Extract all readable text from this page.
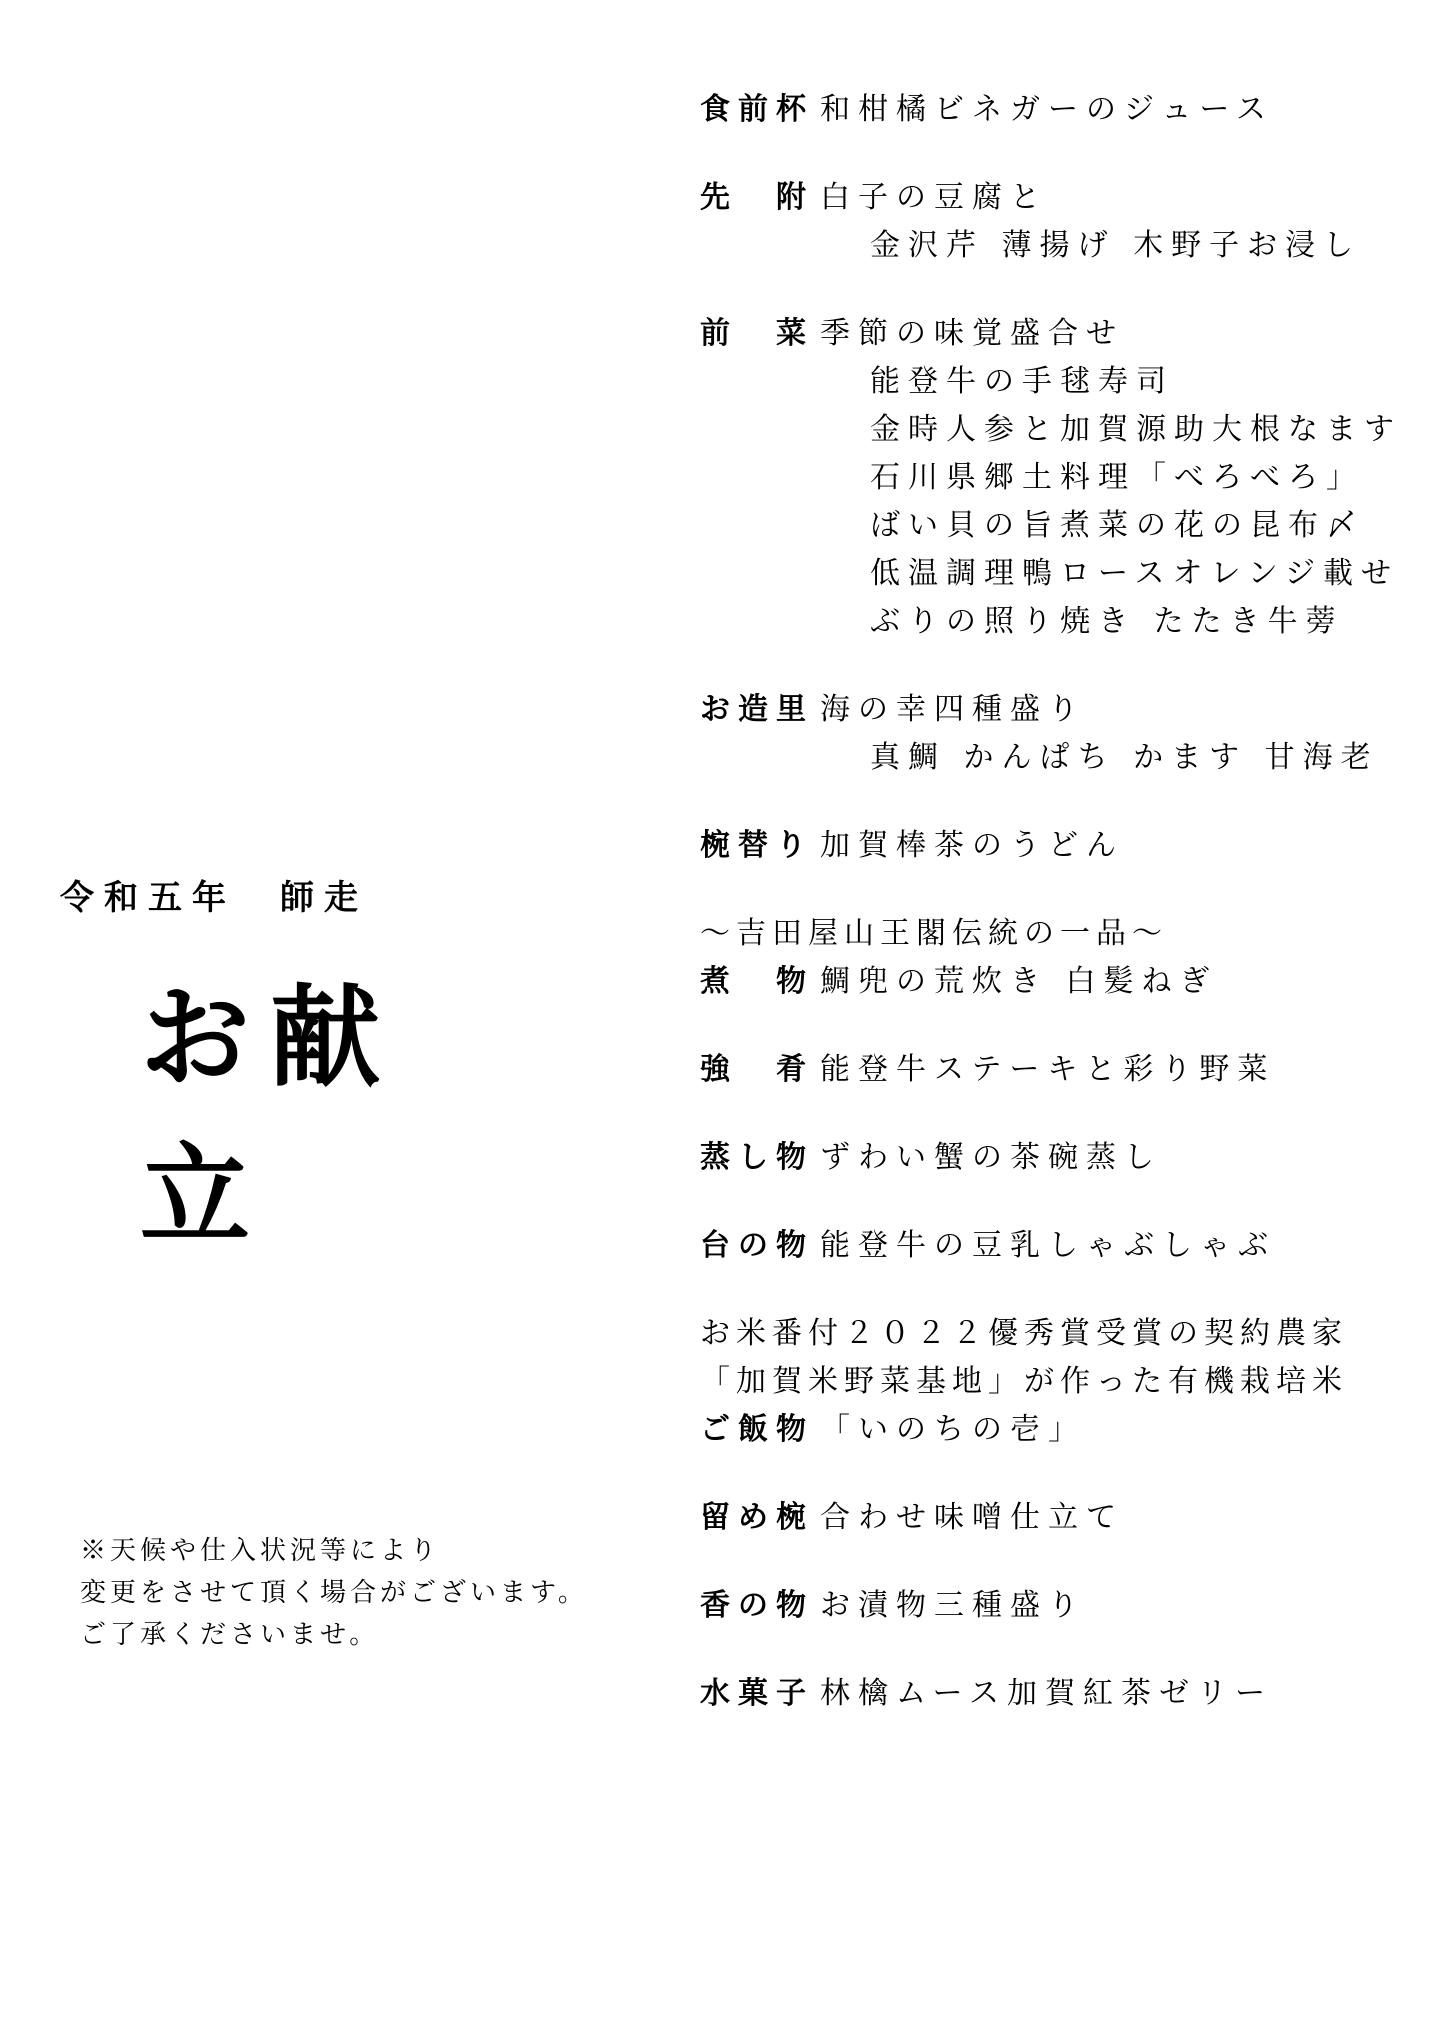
食前杯 和柑橘ビネガーのジュース
先　附 白子の豆腐と
金沢芹 薄揚げ 木野子お浸し
前　菜 季節の味覚盛合せ
能登牛の手毬寿司
金時人参と加賀源助大根なます
石川県郷土料理「べろべろ」
ばい貝の旨煮菜の花の昆布〆
低温調理鴨ロースオレンジ載せ
ぶりの照り焼き たたき牛蒡
お造里 海の幸四種盛り
真鯛 かんぱち かます 甘海老
椀替り 加賀棒茶のうどん
〜吉田屋山王閣伝統の一品〜
煮　物 鯛兜の荒炊き 白髪ねぎ
強　肴 能登牛ステーキと彩り野菜
蒸し物 ずわい蟹の茶碗蒸し
台の物 能登牛の豆乳しゃぶしゃぶ
お米番付２０２２優秀賞受賞の契約農家
「加賀米野菜基地」が作った有機栽培米
ご飯物 「いのちの壱」
留め椀 合わせ味噌仕立て
香の物 お漬物三種盛り
水菓子 林檎ムース加賀紅茶ゼリー
令和五年　師走
お献立
※天候や仕入状況等により
変更をさせて頂く場合がございます。
ご了承くださいませ。
